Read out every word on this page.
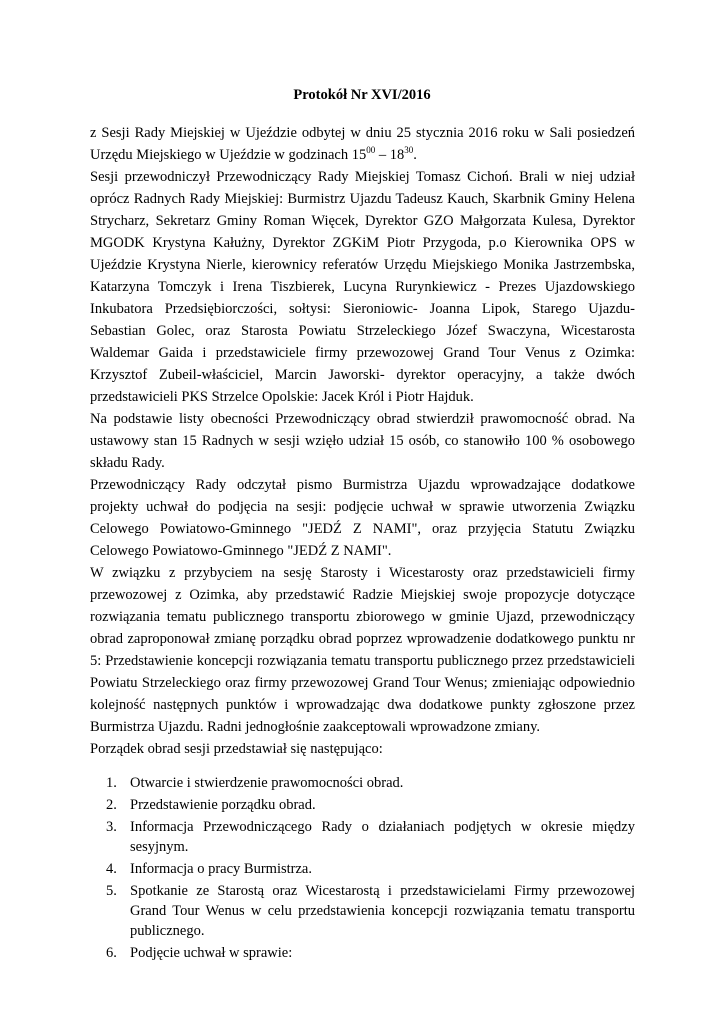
Protokół Nr XVI/2016

z Sesji Rady Miejskiej w Ujeździe odbytej w dniu 25 stycznia 2016 roku w Sali posiedzeń Urzędu Miejskiego w Ujeździe w godzinach $15^{00} - 18^{30}$.

Sesji przewodniczył Przewodniczący Rady Miejskiej Tomasz Cichoń. Brali w niej udział oprócz Radnych Rady Miejskiej: Burmistrz Ujazdu Tadeusz Kauch, Skarbnik Gminy Helena Strycharz, Sekretarz Gminy Roman Więcek, Dyrektor GZO Małgorzata Kulesa, Dyrektor MGODK Krystyna Kałużny, Dyrektor ZGKiM Piotr Przygoda, p.o Kierownika OPS w Ujeździe Krystyna Nierle, kierownicy referatów Urzędu Miejskiego Monika Jastrzembska, Katarzyna Tomczyk i Irena Tiszbierek, Lucyna Rurynkiewicz - Prezes Ujazdowskiego Inkubatora Przedsiębiorczości, sołtysi: Sieroniowic- Joanna Lipok, Starego Ujazdu- Sebastian Golec, oraz Starosta Powiatu Strzeleckiego Józef Swaczyna, Wicestarosta Waldemar Gaida i przedstawiciele firmy przewozowej Grand Tour Venus z Ozimka: Krzysztof Zubeil-właściciel, Marcin Jaworski- dyrektor operacyjny, a także dwóch przedstawicieli PKS Strzelce Opolskie: Jacek Król i Piotr Hajduk.

Na podstawie listy obecności Przewodniczący obrad stwierdził prawomocność obrad. Na ustawowy stan 15 Radnych w sesji wzięło udział 15 osób, co stanowiło 100 % osobowego składu Rady.

Przewodniczący Rady odczytał pismo Burmistrza Ujazdu wprowadzające dodatkowe projekty uchwał do podjęcia na sesji: podjęcie uchwał w sprawie utworzenia Związku Celowego Powiatowo-Gminnego "JEDŹ Z NAMI", oraz przyjęcia Statutu Związku Celowego Powiatowo-Gminnego "JEDŹ Z NAMI".

W związku z przybyciem na sesję Starosty i Wicestarosty oraz przedstawicieli firmy przewozowej z Ozimka, aby przedstawić Radzie Miejskiej swoje propozycje dotyczące rozwiązania tematu publicznego transportu zbiorowego w gminie Ujazd, przewodniczący obrad zaproponował zmianę porządku obrad poprzez wprowadzenie dodatkowego punktu nr 5: Przedstawienie koncepcji rozwiązania tematu transportu publicznego przez przedstawicieli Powiatu Strzeleckiego oraz firmy przewozowej Grand Tour Wenus; zmieniając odpowiednio kolejność następnych punktów i wprowadzając dwa dodatkowe punkty zgłoszone przez Burmistrza Ujazdu. Radni jednogłośnie zaakceptowali wprowadzone zmiany.

Porządek obrad sesji przedstawiał się następująco:

1. Otwarcie i stwierdzenie prawomocności obrad.
2. Przedstawienie porządku obrad.
3. Informacja Przewodniczącego Rady o działaniach podjętych w okresie między sesyjnym.
4. Informacja o pracy Burmistrza.
5. Spotkanie ze Starostą oraz Wicestarostą i przedstawicielami Firmy przewozowej Grand Tour Wenus w celu przedstawienia koncepcji rozwiązania tematu transportu publicznego.
6. Podjęcie uchwał w sprawie:
